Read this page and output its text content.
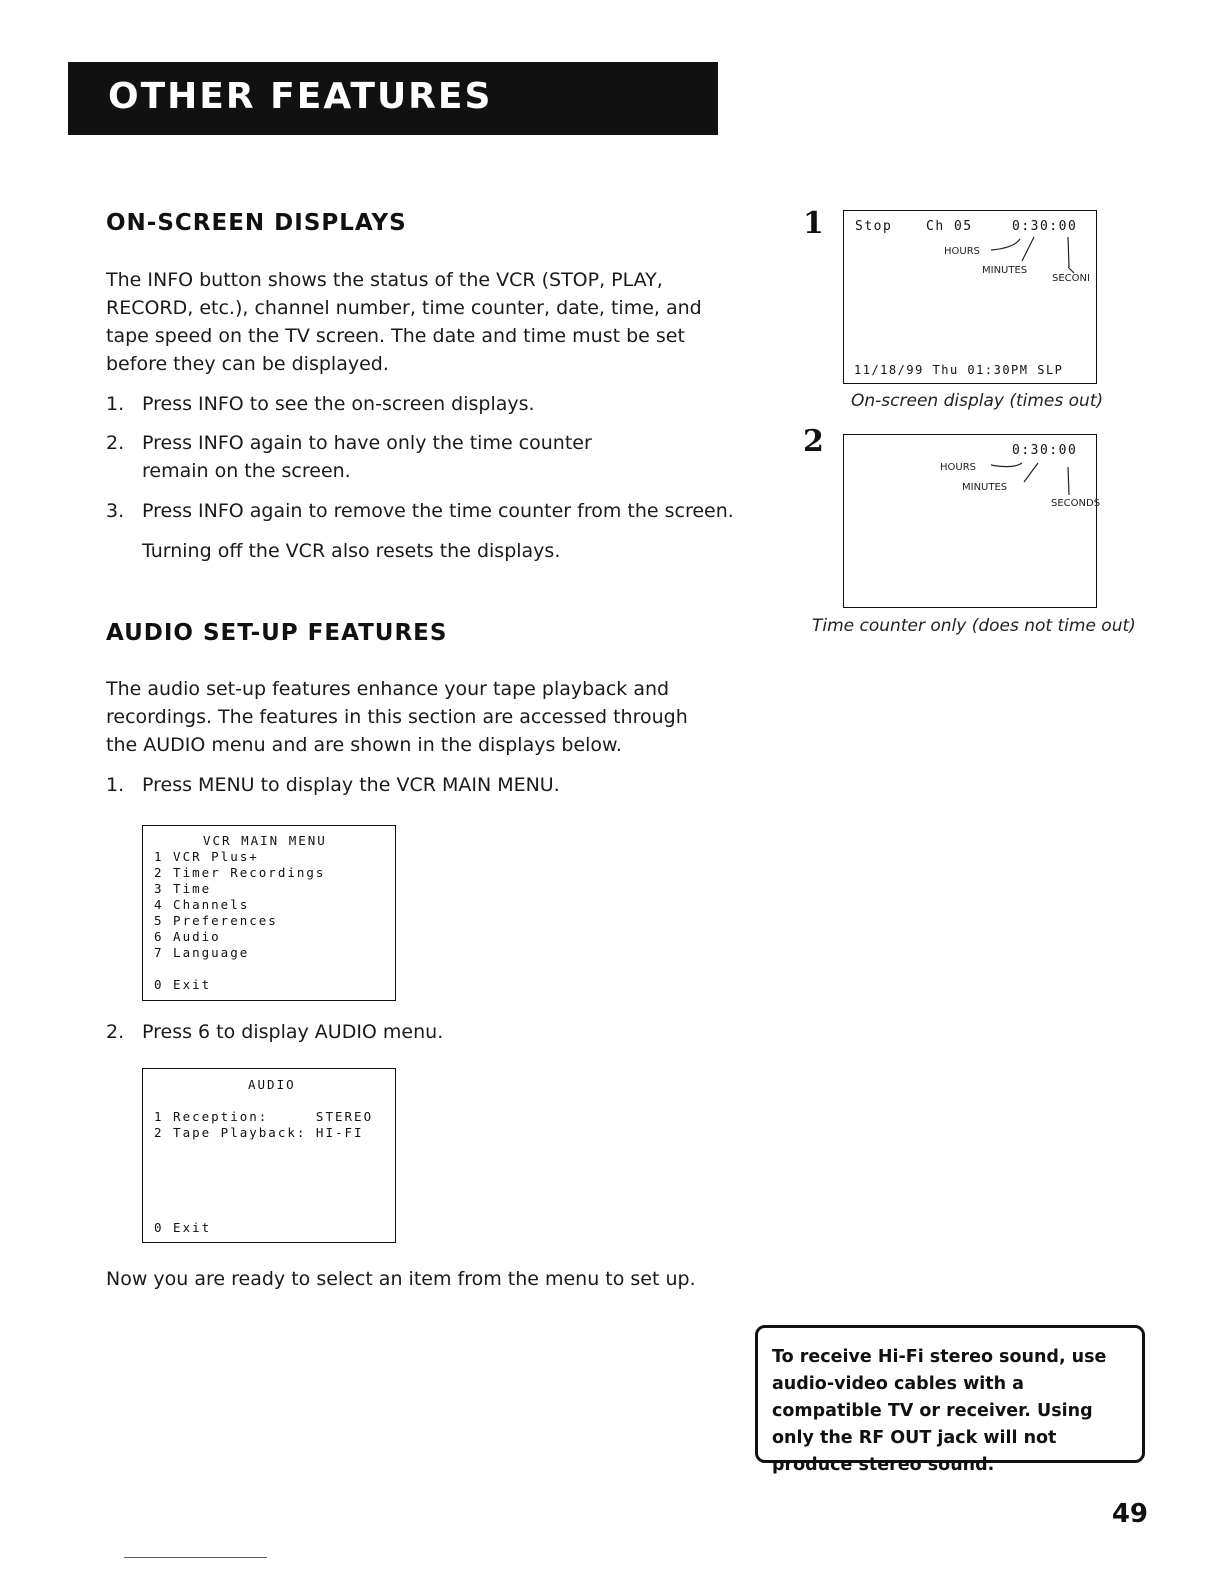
OTHER FEATURES
ON-SCREEN DISPLAYS

The INFO button shows the status of the VCR (STOP, PLAY, RECORD, etc.), channel number, time counter, date, time, and tape speed on the TV screen. The date and time must be set before they can be displayed.

1. Press INFO to see the on-screen displays.
2. Press INFO again to have only the time counter remain on the screen.
3. Press INFO again to remove the time counter from the screen.

Turning off the VCR also resets the displays.

AUDIO SET-UP FEATURES

The audio set-up features enhance your tape playback and recordings. The features in this section are accessed through the AUDIO menu and are shown in the displays below.

1. Press MENU to display the VCR MAIN MENU.
VCR MAIN MENU
1 VCR Plus+
2 Timer Recordings
3 Time
4 Channels
5 Preferences
6 Audio
7 Language
0 Exit
2. Press 6 to display AUDIO menu.
AUDIO
1 Reception:     STEREO
2 Tape Playback: HI-FI
0 Exit

Now you are ready to select an item from the menu to set up.

1 Stop	Ch 05	0:30:00
HOURS
MINUTES
SECONI
11/18/99 Thu 01:30PM SLP
On-screen display (times out)
2	0:30:00
HOURS
MINUTES
SECONDS
Time counter only (does not time out)

To receive Hi-Fi stereo sound, use audio-video cables with a compatible TV or receiver. Using only the RF OUT jack will not produce stereo sound.

49
